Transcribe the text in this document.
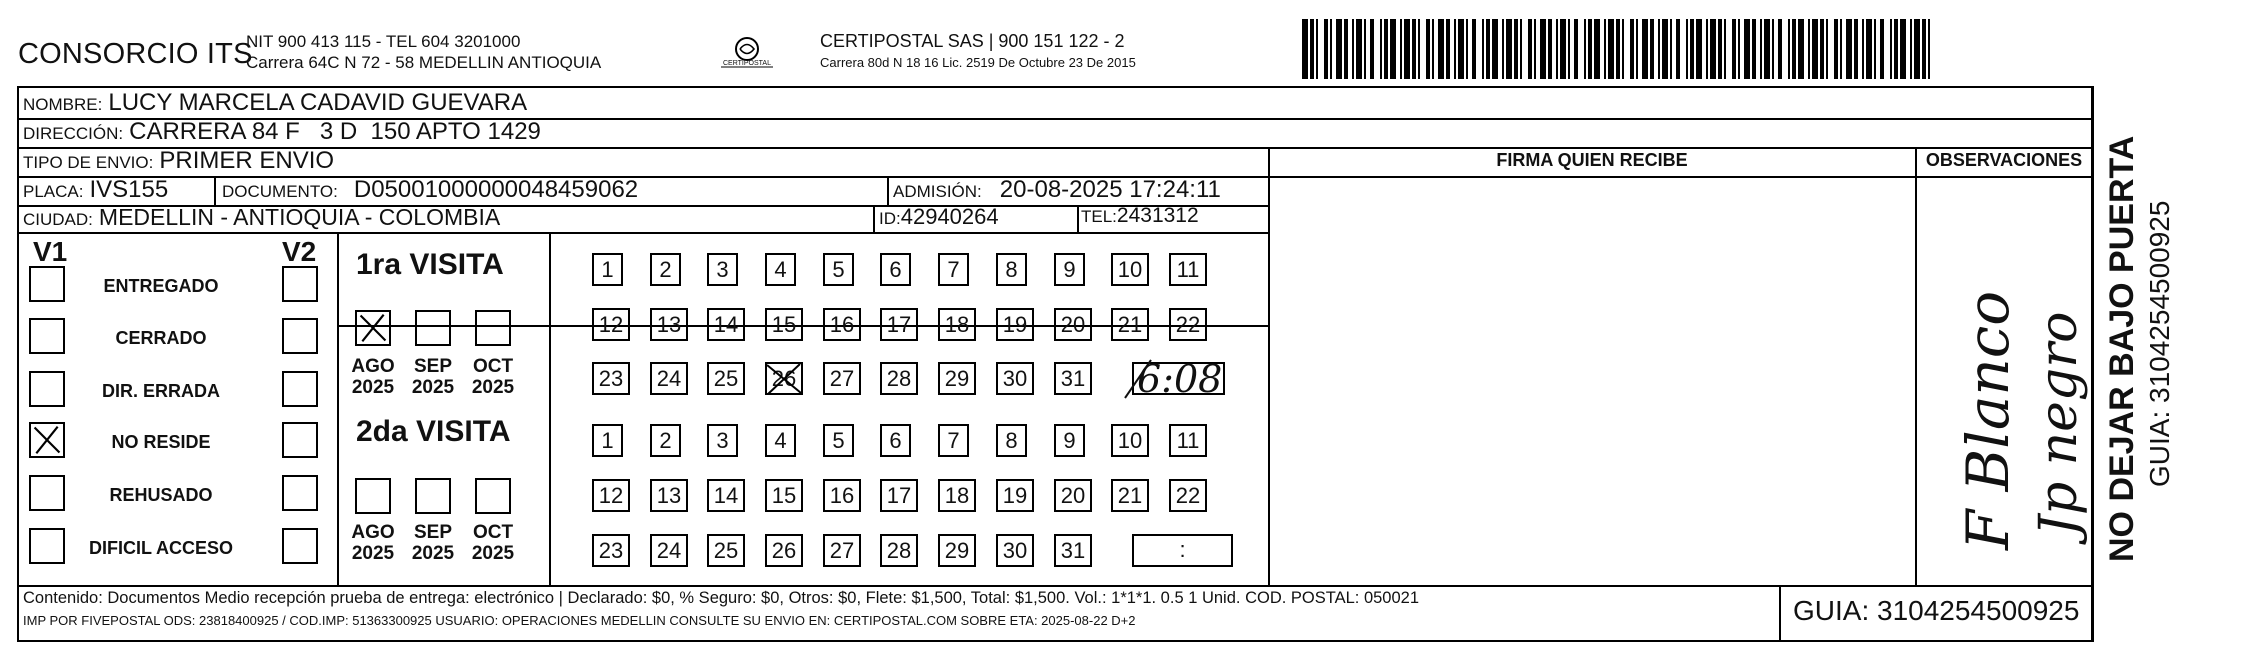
CONSORCIO ITS
NIT 900 413 115 - TEL 604 3201000
Carrera 64C N 72 - 58 MEDELLIN ANTIOQUIA	CERTIPOSTAL
CERTIPOSTAL SAS | 900 151 122 - 2
Carrera 80d N 18 16 Lic. 2519 De Octubre 23 De 2015
NOMBRE: LUCY MARCELA CADAVID GUEVARA
DIRECCIÓN: CARRERA 84 F   3 D  150 APTO 1429
TIPO DE ENVIO: PRIMER ENVIO	FIRMA QUIEN RECIBE	OBSERVACIONES
PLACA: IVS155	DOCUMENTO: D05001000000048459062	ADMISIÓN: 20-08-2025 17:24:11
CIUDAD: MEDELLIN - ANTIOQUIA - COLOMBIA	ID: 42940264	TEL: 2431312
V1	V2
ENTREGADO
CERRADO
DIR. ERRADA
NO RESIDE
REHUSADO
DIFICIL ACCESO
1ra VISITA
AGO
2025
SEP
2025
OCT
2025
1	2	3	4	5	6	7	8	9	10	11
12	13	14	15	16	17	18	19	20	21	22
23	24	25	26	27	28	29	30	31 6:08
2da VISITA
AGO
2025
SEP
2025
OCT
2025
1	2	3	4	5	6	7	8	9	10	11
12	13	14	15	16	17	18	19	20	21	22
23	24	25	26	27	28	29	30	31	:	F Blanco Jp negro
Contenido: Documentos Medio recepción prueba de entrega: electrónico | Declarado: $0, % Seguro: $0, Otros: $0, Flete: $1,500, Total: $1,500. Vol.: 1*1*1. 0.5 1 Unid. COD. POSTAL: 050021
IMP POR FIVEPOSTAL ODS: 23818400925 / COD.IMP: 51363300925 USUARIO: OPERACIONES MEDELLIN CONSULTE SU ENVIO EN: CERTIPOSTAL.COM SOBRE ETA: 2025-08-22 D+2	GUIA: 3104254500925
NO DEJAR BAJO PUERTA GUIA: 3104254500925
